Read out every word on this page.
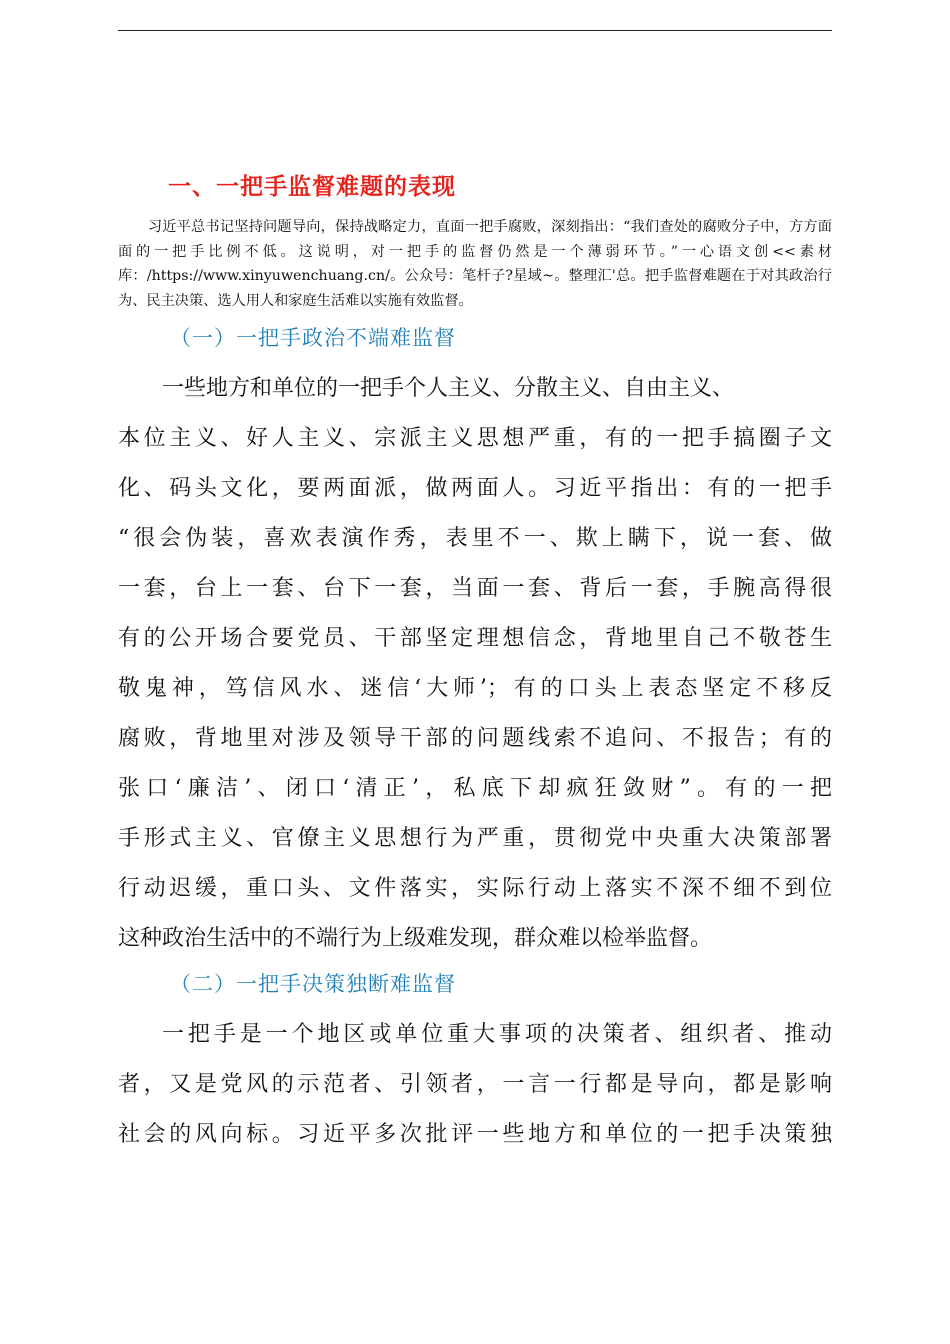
一、一把手监督难题的表现
习近平总书记坚持问题导向，保持战略定力，直面一把手腐败，深刻指出：“我们查处的腐败分子中，方方面面的一把手比例不低。这说明，对一把手的监督仍然是一个薄弱环节。”一心语文创<<素材库：/https://www.xinyuwenchuang.cn/。公众号：笔杆子?星域~。整理汇'总。把手监督难题在于对其政治行为、民主决策、选人用人和家庭生活难以实施有效监督。
（一）一把手政治不端难监督
一些地方和单位的一把手个人主义、分散主义、自由主义、
本位主义、好人主义、宗派主义思想严重，有的一把手搞圈子文
化、码头文化，要两面派，做两面人。习近平指出：有的一把手
“很会伪装，喜欢表演作秀，表里不一、欺上瞒下，说一套、做
一套，台上一套、台下一套，当面一套、背后一套，手腕高得很
有的公开场合要党员、干部坚定理想信念，背地里自己不敬苍生
敬鬼神，笃信风水、迷信‘大师’；有的口头上表态坚定不移反
腐败，背地里对涉及领导干部的问题线索不追问、不报告；有的
张口‘廉洁’、闭口‘清正’，私底下却疯狂敛财”。有的一把
手形式主义、官僚主义思想行为严重，贯彻党中央重大决策部署
行动迟缓，重口头、文件落实，实际行动上落实不深不细不到位
这种政治生活中的不端行为上级难发现，群众难以检举监督。
（二）一把手决策独断难监督
一把手是一个地区或单位重大事项的决策者、组织者、推动
者，又是党风的示范者、引领者，一言一行都是导向，都是影响
社会的风向标。习近平多次批评一些地方和单位的一把手决策独
